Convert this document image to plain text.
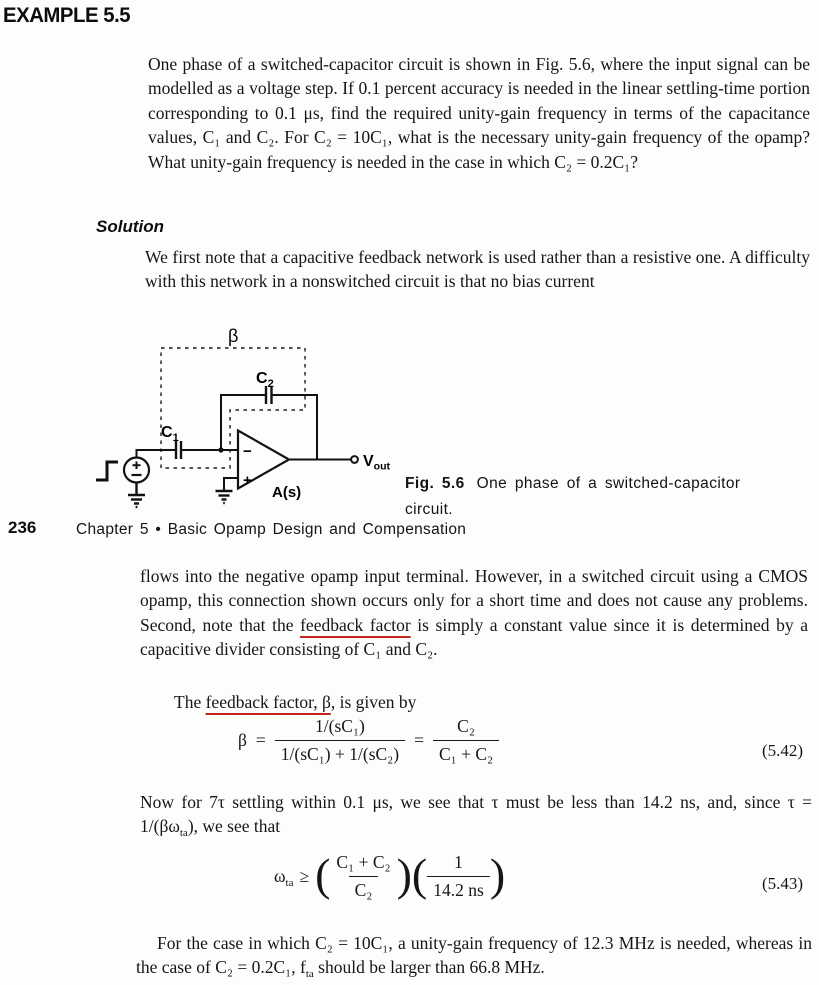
EXAMPLE 5.5
One phase of a switched-capacitor circuit is shown in Fig. 5.6, where the input signal can be modelled as a voltage step. If 0.1 percent accuracy is needed in the linear settling-time portion corresponding to 0.1 μs, find the required unity-gain frequency in terms of the capacitance values, C₁ and C₂. For C₂ = 10C₁, what is the necessary unity-gain frequency of the opamp? What unity-gain frequency is needed in the case in which C₂ = 0.2C₁?
Solution
We first note that a capacitive feedback network is used rather than a resistive one. A difficulty with this network in a nonswitched circuit is that no bias current
β
$C_1$
$C_2$
−
+
A(s)
$V_{out}$
Fig. 5.6 One phase of a switched-capacitor circuit.
236	Chapter 5 • Basic Opamp Design and Compensation
flows into the negative opamp input terminal. However, in a switched circuit using a CMOS opamp, this connection shown occurs only for a short time and does not cause any problems. Second, note that the feedback factor is simply a constant value since it is determined by a capacitive divider consisting of C₁ and C₂.
The feedback factor, β, is given by
$\beta = \frac{\text{1/(sC₁)}}{\text{1/(sC₁) + 1/(sC₂)}} = \frac{\text{C₂}}{\text{C₁ + C₂}}$	(5.42)
Now for 7τ settling within 0.1 μs, we see that τ must be less than 14.2 ns, and, since $\tau = 1/(\beta\omega_{ta})$, we see that
$\omega_{ta}$ ≥ ( $\frac{\text{C₁ + C₂}}{\text{C₂}}$ ) ( $\frac{1}{14.2 ns}$ )	(5.43)
For the case in which C₂ = 10C₁, a unity-gain frequency of 12.3 MHz is needed, whereas in the case of C₂ = 0.2C₁, $f_{ta}$ should be larger than 66.8 MHz.
